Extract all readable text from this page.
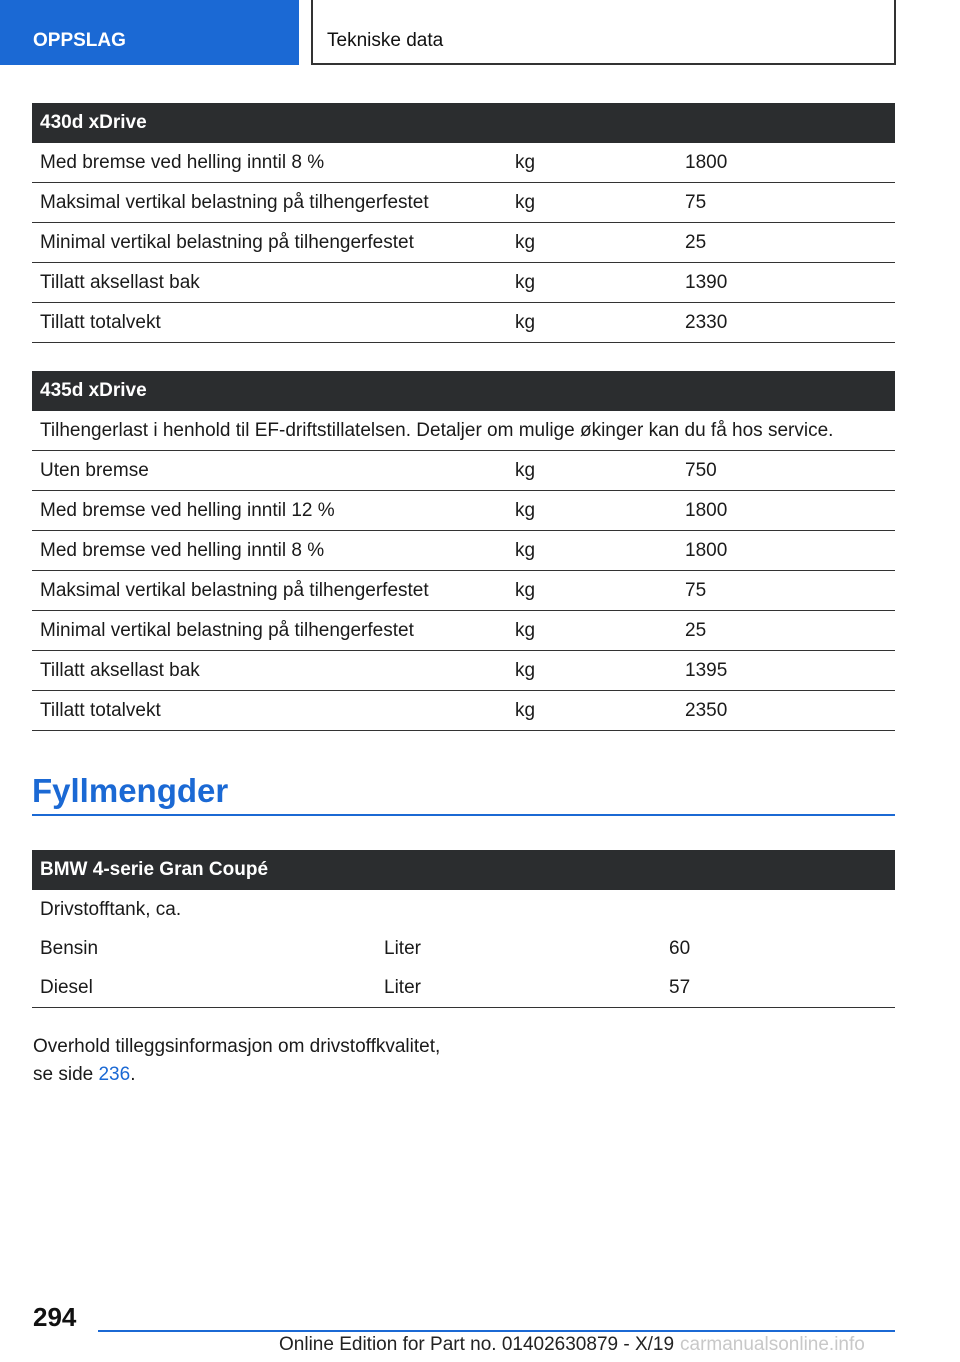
OPPSLAG	Tekniske data
430d xDrive		
Med bremse ved helling inntil 8 %	kg	1800
Maksimal vertikal belastning på tilhengerfestet	kg	75
Minimal vertikal belastning på tilhengerfestet	kg	25
Tillatt aksellast bak	kg	1390
Tillatt totalvekt	kg	2330
435d xDrive		
Tilhengerlast i henhold til EF-driftstillatelsen. Detaljer om mulige økinger kan du få hos service.		
Uten bremse	kg	750
Med bremse ved helling inntil 12 %	kg	1800
Med bremse ved helling inntil 8 %	kg	1800
Maksimal vertikal belastning på tilhengerfestet	kg	75
Minimal vertikal belastning på tilhengerfestet	kg	25
Tillatt aksellast bak	kg	1395
Tillatt totalvekt	kg	2350
Fyllmengder
BMW 4-serie Gran Coupé		
Drivstofftank, ca.		
Bensin	Liter	60
Diesel	Liter	57
Overhold tilleggsinformasjon om drivstoffkvalitet,
se side 236.
294
Online Edition for Part no. 01402630879 - X/19 carmanualsonline.info
